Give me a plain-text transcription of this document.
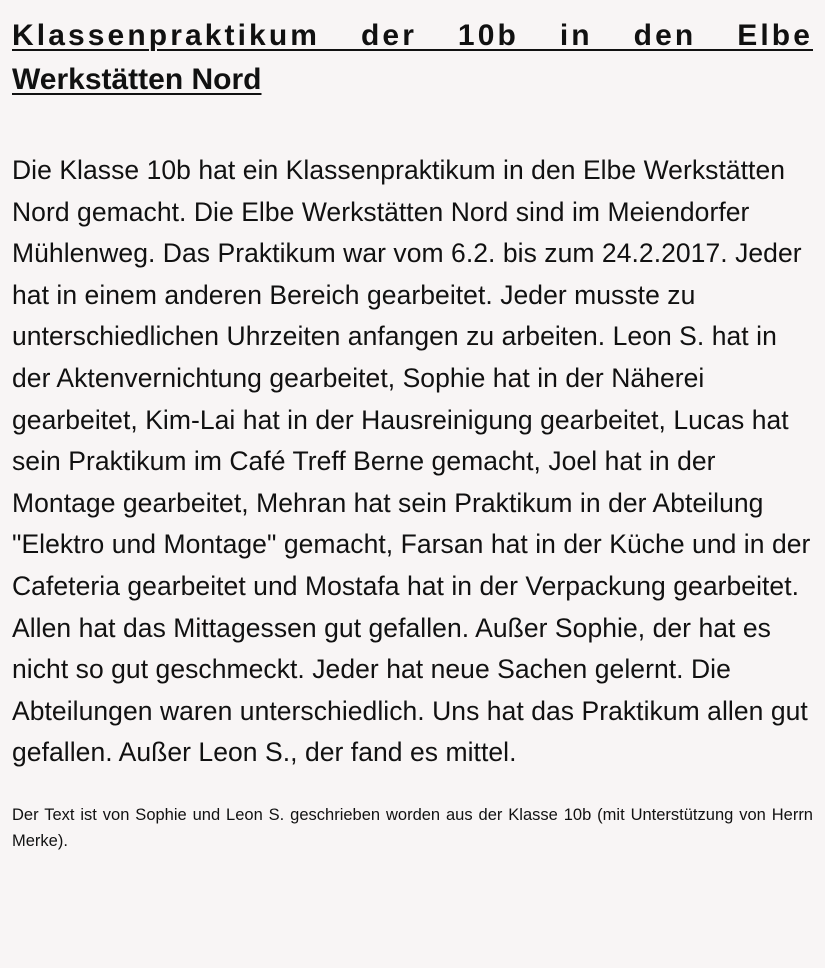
Klassenpraktikum der 10b in den Elbe
Werkstätten Nord

Die Klasse 10b hat ein Klassenpraktikum in den Elbe Werkstätten Nord gemacht. Die Elbe Werkstätten Nord sind im Meiendorfer Mühlenweg. Das Praktikum war vom 6.2. bis zum 24.2.2017. Jeder hat in einem anderen Bereich gearbeitet. Jeder musste zu unterschiedlichen Uhrzeiten anfangen zu arbeiten. Leon S. hat in der Aktenvernichtung gearbeitet, Sophie hat in der Näherei gearbeitet, Kim-Lai hat in der Hausreinigung gearbeitet, Lucas hat sein Praktikum im Café Treff Berne gemacht, Joel hat in der Montage gearbeitet, Mehran hat sein Praktikum in der Abteilung "Elektro und Montage" gemacht, Farsan hat in der Küche und in der Cafeteria gearbeitet und Mostafa hat in der Verpackung gearbeitet. Allen hat das Mittagessen gut gefallen. Außer Sophie, der hat es nicht so gut geschmeckt. Jeder hat neue Sachen gelernt. Die Abteilungen waren unterschiedlich. Uns hat das Praktikum allen gut gefallen. Außer Leon S., der fand es mittel.

Der Text ist von Sophie und Leon S. geschrieben worden aus der Klasse 10b (mit Unterstützung von Herrn Merke).
